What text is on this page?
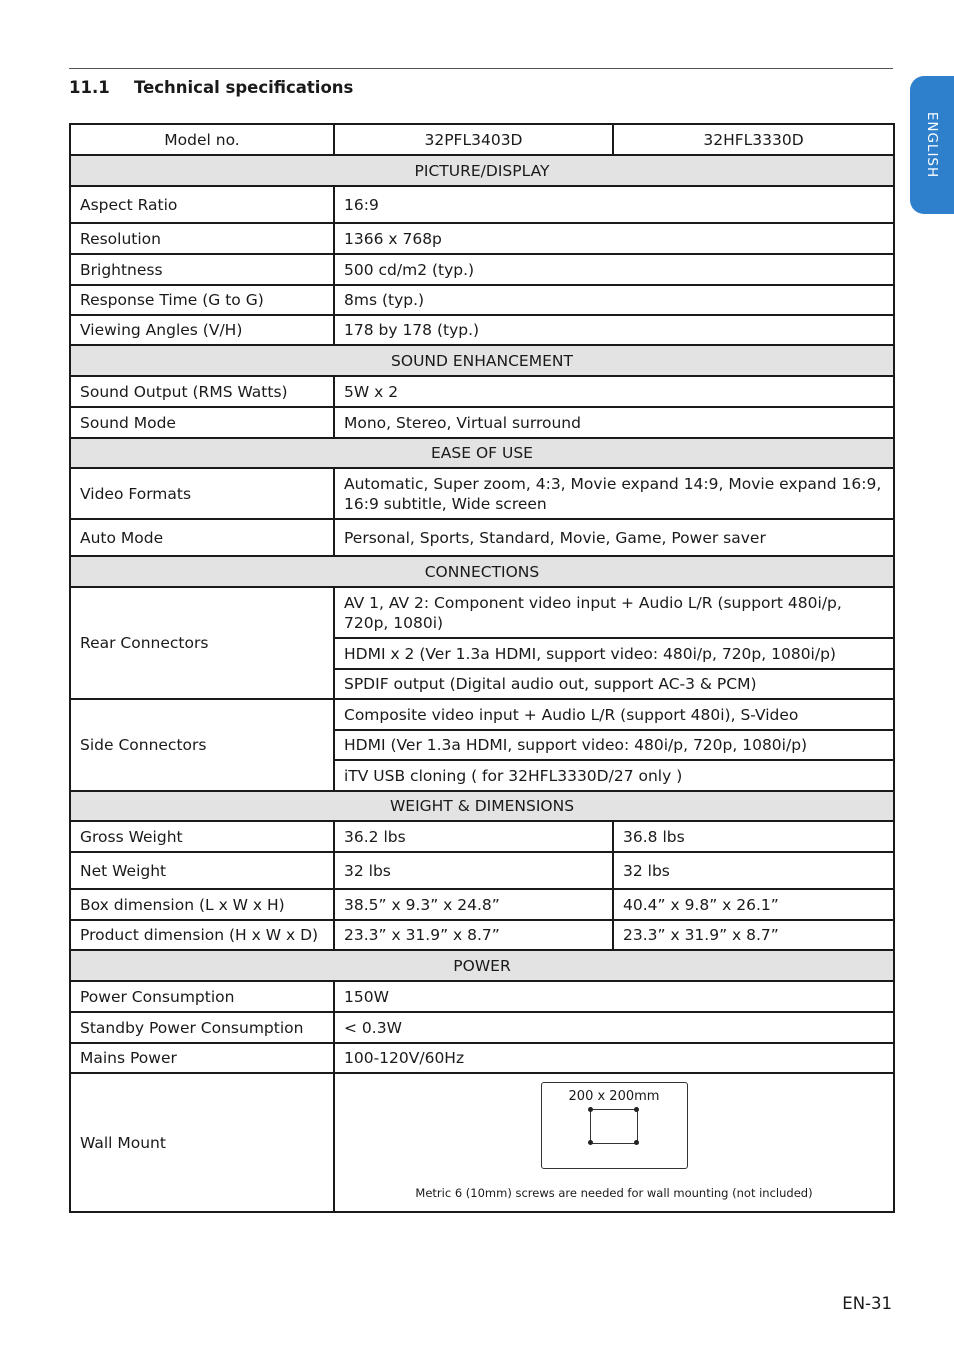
11.1 Technical specifications
ENGLISH
Model no.	32PFL3403D	32HFL3330D
PICTURE/DISPLAY		
Aspect Ratio	16:9	
Resolution	1366 x 768p	
Brightness	500 cd/m2 (typ.)	
Response Time (G to G)	8ms (typ.)	
Viewing Angles (V/H)	178 by 178 (typ.)	
SOUND ENHANCEMENT		
Sound Output (RMS Watts)	5W x 2	
Sound Mode	Mono, Stereo, Virtual surround	
EASE OF USE		
Video Formats	Automatic, Super zoom, 4:3, Movie expand 14:9, Movie expand 16:9, 16:9 subtitle, Wide screen	
Auto Mode	Personal, Sports, Standard, Movie, Game, Power saver	
CONNECTIONS		
Rear Connectors	AV 1, AV 2: Component video input + Audio L/R (support 480i/p, 720p, 1080i)	
	HDMI x 2 (Ver 1.3a HDMI, support video: 480i/p, 720p, 1080i/p)	
	SPDIF output (Digital audio out, support AC-3 & PCM)	
Side Connectors	Composite video input + Audio L/R (support 480i), S-Video	
	HDMI (Ver 1.3a HDMI, support video: 480i/p, 720p, 1080i/p)	
	iTV USB cloning ( for 32HFL3330D/27 only )	
WEIGHT & DIMENSIONS		
Gross Weight	36.2 lbs	36.8 lbs
Net Weight	32 lbs	32 lbs
Box dimension (L x W x H)	38.5” x 9.3” x 24.8”	40.4” x 9.8” x 26.1”
Product dimension (H x W x D)	23.3” x 31.9” x 8.7”	23.3” x 31.9” x 8.7”
POWER		
Power Consumption	150W	
Standby Power Consumption	< 0.3W	
Mains Power	100-120V/60Hz	
Wall Mount	200 x 200mm
Metric 6 (10mm) screws are needed for wall mounting (not included)	
EN-31
